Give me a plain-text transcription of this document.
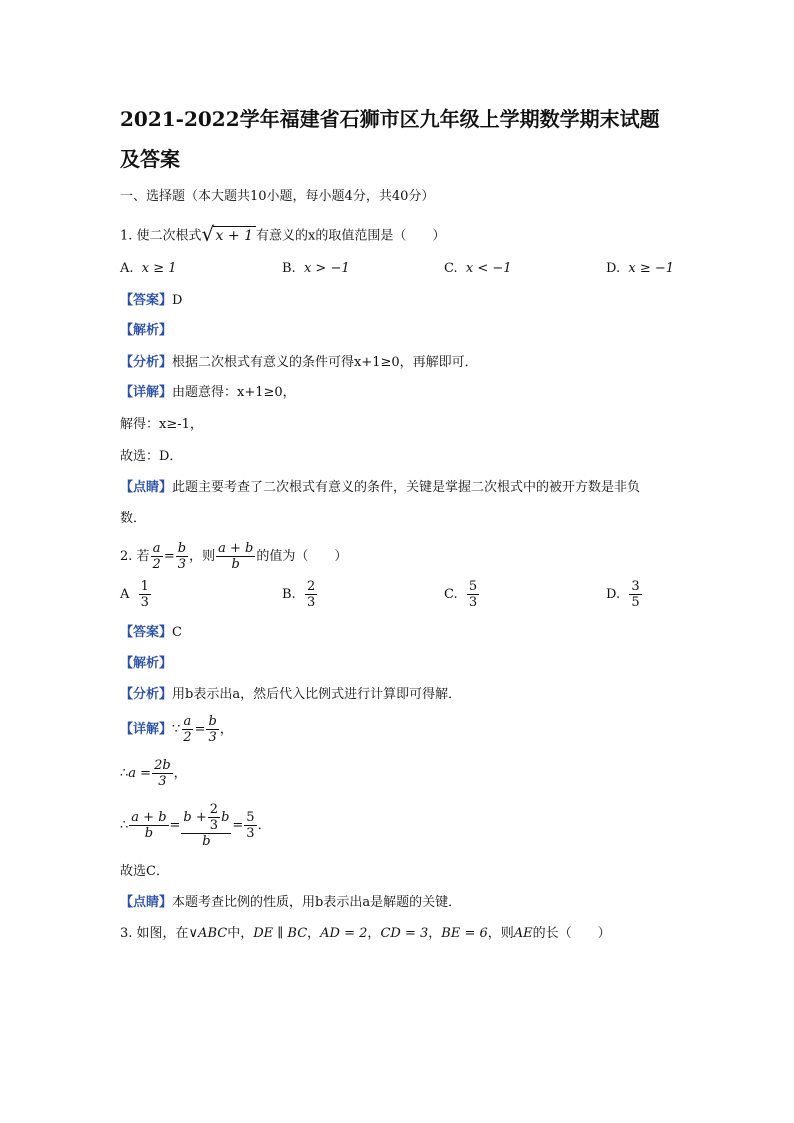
2021-2022学年福建省石狮市区九年级上学期数学期末试题
及答案
一、选择题（本大题共10小题，每小题4分，共40分）
1. 使二次根式 √ x + 1 有意义的x的取值范围是（　　）
A. x ≥ 1	B. x > −1	C. x < −1	D. x ≥ −1
【答案】D
【解析】
【分析】根据二次根式有意义的条件可得x+1≥0，再解即可．
【详解】由题意得：x+1≥0，
解得：x≥-1，
故选：D．
【点睛】此题主要考查了二次根式有意义的条件，关键是掌握二次根式中的被开方数是非负
数．
2. 若 $\frac{a}{2} = \frac{b}{3}$ ，则 $\frac{a + b}{b}$ 的值为（　　）
A $\frac{1}{3}$	B. $\frac{2}{3}$	C. $\frac{5}{3}$	D. $\frac{3}{5}$
【答案】C
【解析】
【分析】用b表示出a，然后代入比例式进行计算即可得解．
【详解】∵ $\frac{a}{2} = \frac{b}{3}$ ，
∴a = $\frac{2b}{3}$ ，
∴ $\frac{a + b}{b} = \frac{b + \frac{2}{3} b}{b} = \frac{5}{3}$ ．
故选C．
【点睛】本题考查比例的性质，用b表示出a是解题的关键．
3. 如图，在∨ABC中，DE ∥ BC，AD = 2，CD = 3，BE = 6，则AE的长（　　）
